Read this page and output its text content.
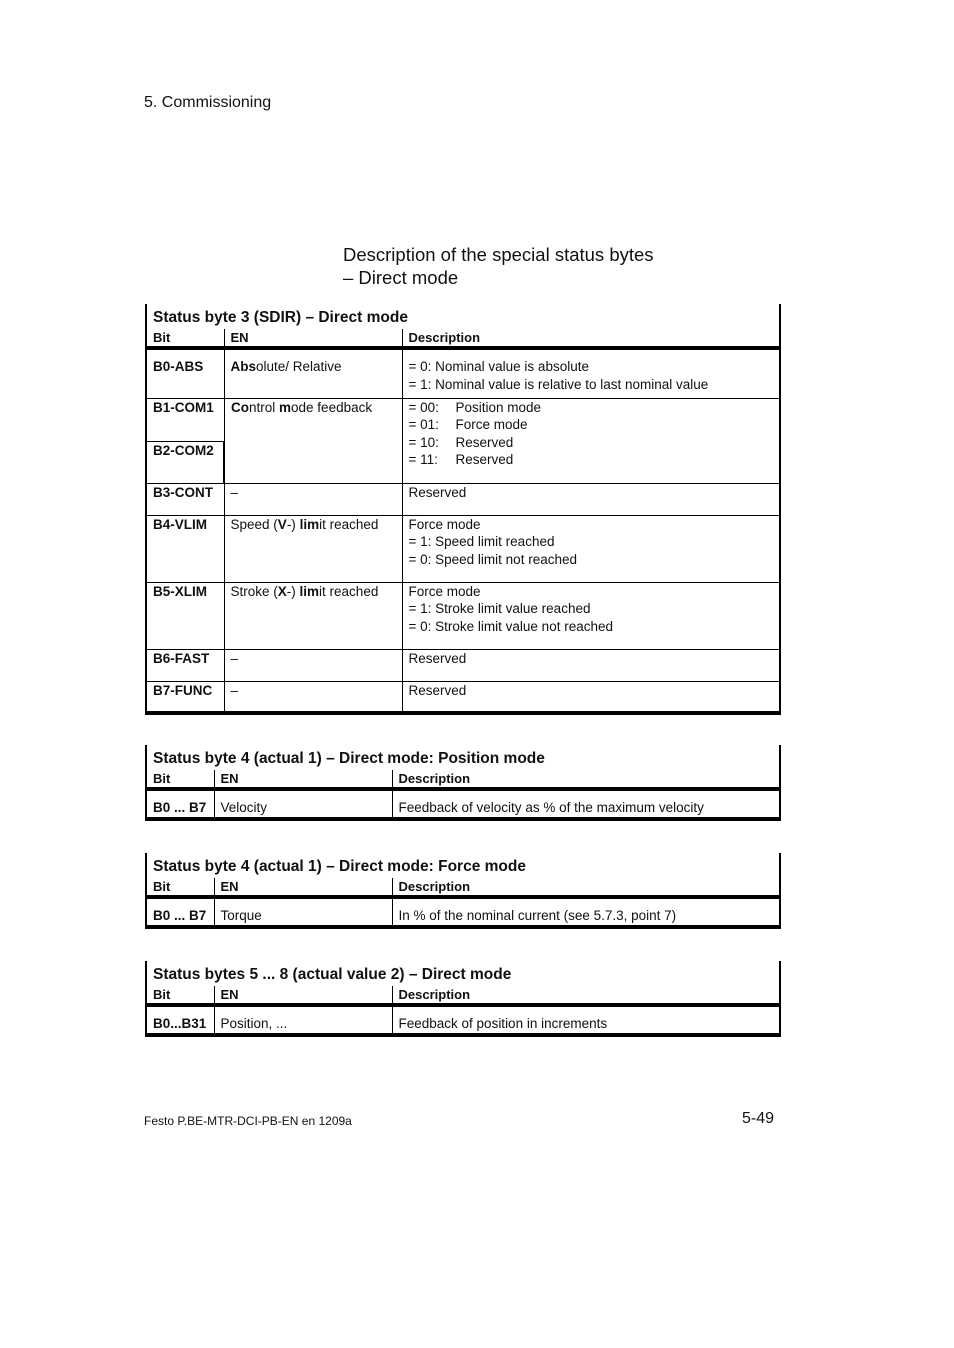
5. Commissioning
Description of the special status bytes
– Direct mode
Status byte 3 (SDIR) – Direct mode		
Bit	EN	Description
B0-ABS	Absolute/ Relative	= 0: Nominal value is absolute
= 1: Nominal value is relative to last nominal value

B1-COM1	Control mode feedback	= 00: Position mode
= 01: Force mode
= 10: Reserved
= 11: Reserved

B2-COM2		
B3-CONT	–	Reserved
B4-VLIM	Speed (V-) limit reached	Force mode
= 1: Speed limit reached
= 0: Speed limit not reached

B5-XLIM	Stroke (X-) limit reached	Force mode
= 1: Stroke limit value reached
= 0: Stroke limit value not reached

B6-FAST	–	Reserved
B7-FUNC	–	Reserved
Status byte 4 (actual 1) – Direct mode: Position mode		
Bit	EN	Description
B0 ... B7	Velocity	Feedback of velocity as % of the maximum velocity
Status byte 4 (actual 1) – Direct mode: Force mode		
Bit	EN	Description
B0 ... B7	Torque	In % of the nominal current (see 5.7.3, point 7)
Status bytes 5 ... 8 (actual value 2) – Direct mode		
Bit	EN	Description
B0...B31	Position, ...	Feedback of position in increments
Festo P.BE-MTR-DCI-PB-EN en 1209a	5-49
